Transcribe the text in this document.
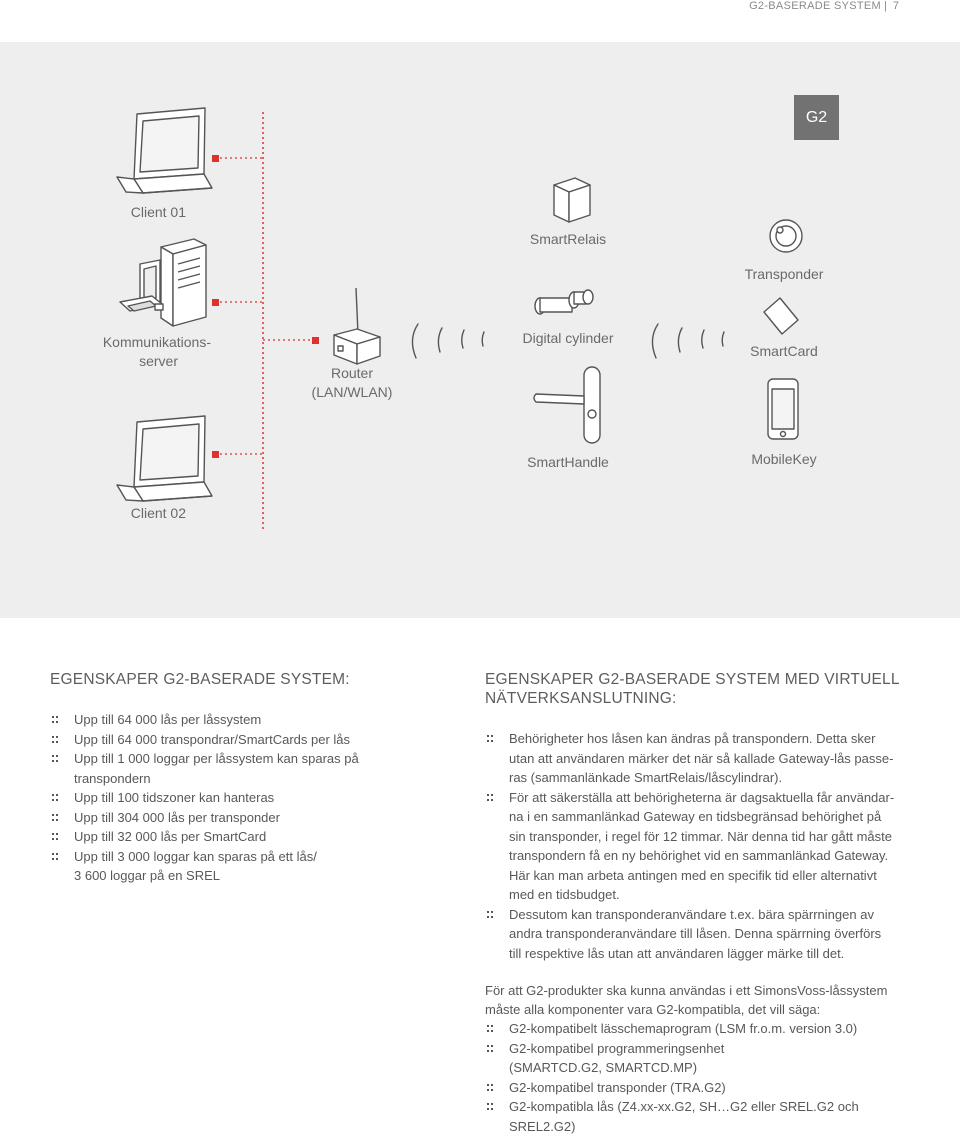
G2-BASERADE SYSTEM | 7
G2
Client 01
Kommunikations-
server
Router
(LAN/WLAN)
Client 02
SmartRelais
Digital cylinder
SmartHandle
Transponder
SmartCard
MobileKey
EGENSKAPER G2-BASERADE SYSTEM:
Upp till 64 000 lås per låssystem
Upp till 64 000 transpondrar/SmartCards per lås
Upp till 1 000 loggar per låssystem kan sparas på
transpondern
Upp till 100 tidszoner kan hanteras
Upp till 304 000 lås per transponder
Upp till 32 000 lås per SmartCard
Upp till 3 000 loggar kan sparas på ett lås/
3 600 loggar på en SREL
EGENSKAPER G2-BASERADE SYSTEM MED VIRTUELL
NÄTVERKSANSLUTNING:
Behörigheter hos låsen kan ändras på transpondern. Detta sker
utan att användaren märker det när så kallade Gateway-lås passe-
ras (sammanlänkade SmartRelais/låscylindrar).
För att säkerställa att behörigheterna är dagsaktuella får användar-
na i en sammanlänkad Gateway en tidsbegränsad behörighet på
sin transponder, i regel för 12 timmar. När denna tid har gått måste
transpondern få en ny behörighet vid en sammanlänkad Gateway.
Här kan man arbeta antingen med en specifik tid eller alternativt
med en tidsbudget.
Dessutom kan transponderanvändare t.ex. bära spärrningen av
andra transponderanvändare till låsen. Denna spärrning överförs
till respektive lås utan att användaren lägger märke till det.

För att G2-produkter ska kunna användas i ett SimonsVoss-låssystem

måste alla komponenter vara G2-kompatibla, det vill säga:

G2-kompatibelt lässchemaprogram (LSM fr.o.m. version 3.0)
G2-kompatibel programmeringsenhet
(SMARTCD.G2, SMARTCD.MP)
G2-kompatibel transponder (TRA.G2)
G2-kompatibla lås (Z4.xx-xx.G2, SH…G2 eller SREL.G2 och
SREL2.G2)
